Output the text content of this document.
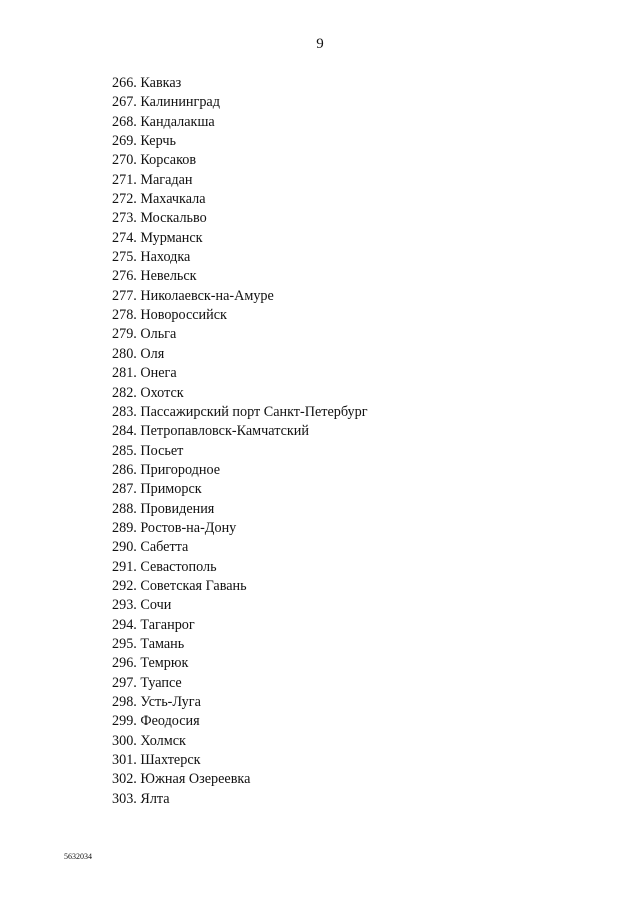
9
266. Кавказ
267. Калининград
268. Кандалакша
269. Керчь
270. Корсаков
271. Магадан
272. Махачкала
273. Москальво
274. Мурманск
275. Находка
276. Невельск
277. Николаевск-на-Амуре
278. Новороссийск
279. Ольга
280. Оля
281. Онега
282. Охотск
283. Пассажирский порт Санкт-Петербург
284. Петропавловск-Камчатский
285. Посьет
286. Пригородное
287. Приморск
288. Провидения
289. Ростов-на-Дону
290. Сабетта
291. Севастополь
292. Советская Гавань
293. Сочи
294. Таганрог
295. Тамань
296. Темрюк
297. Туапсе
298. Усть-Луга
299. Феодосия
300. Холмск
301. Шахтерск
302. Южная Озереевка
303. Ялта
5632034
